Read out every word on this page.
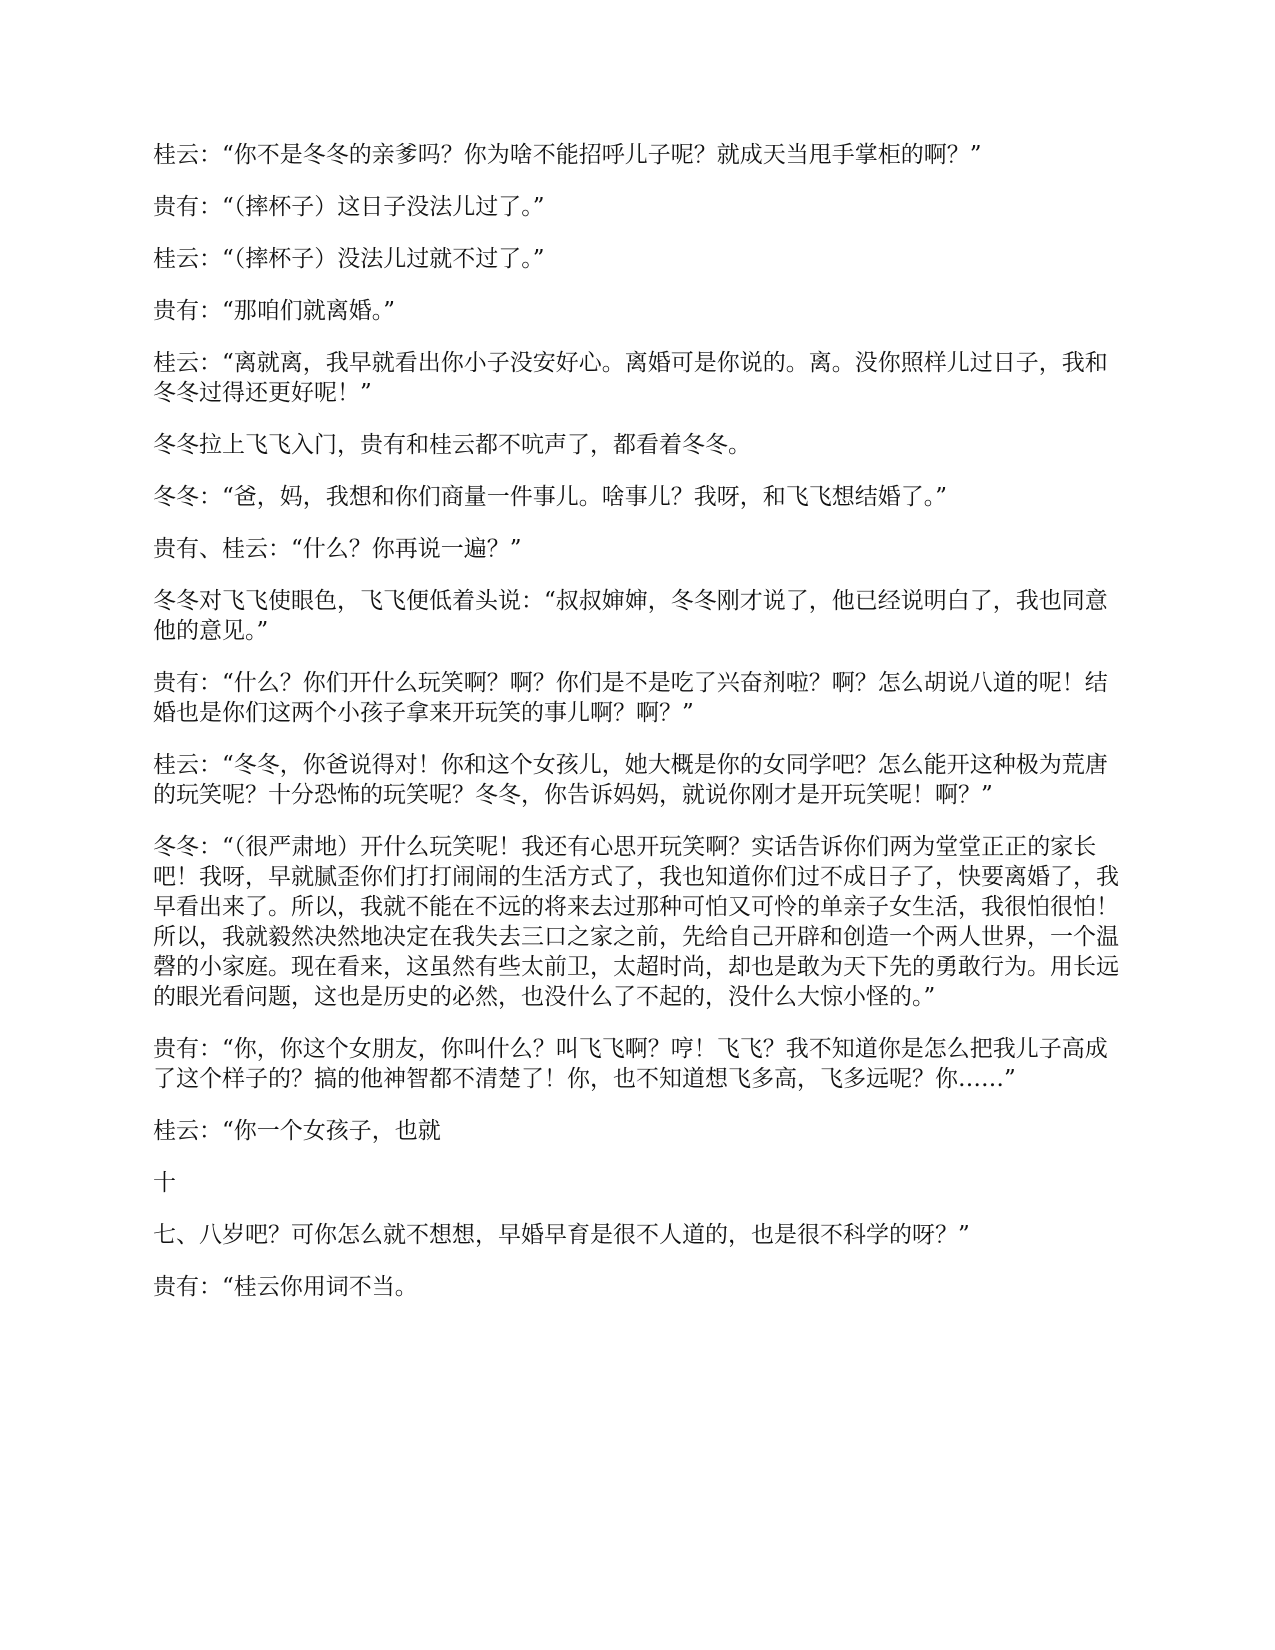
桂云：“你不是冬冬的亲爹吗？你为啥不能招呼儿子呢？就成天当甩手掌柜的啊？”

贵有：“（摔杯子）这日子没法儿过了。”

桂云：“（摔杯子）没法儿过就不过了。”

贵有：“那咱们就离婚。”

桂云：“离就离，我早就看出你小子没安好心。离婚可是你说的。离。没你照样儿过日子，我和冬冬过得还更好呢！”

冬冬拉上飞飞入门，贵有和桂云都不吭声了，都看着冬冬。

冬冬：“爸，妈，我想和你们商量一件事儿。啥事儿？我呀，和飞飞想结婚了。”

贵有、桂云：“什么？你再说一遍？”

冬冬对飞飞使眼色，飞飞便低着头说：“叔叔婶婶，冬冬刚才说了，他已经说明白了，我也同意他的意见。”

贵有：“什么？你们开什么玩笑啊？啊？你们是不是吃了兴奋剂啦？啊？怎么胡说八道的呢！结婚也是你们这两个小孩子拿来开玩笑的事儿啊？啊？”

桂云：“冬冬，你爸说得对！你和这个女孩儿，她大概是你的女同学吧？怎么能开这种极为荒唐的玩笑呢？十分恐怖的玩笑呢？冬冬，你告诉妈妈，就说你刚才是开玩笑呢！啊？”

冬冬：“（很严肃地）开什么玩笑呢！我还有心思开玩笑啊？实话告诉你们两为堂堂正正的家长吧！我呀，早就腻歪你们打打闹闹的生活方式了，我也知道你们过不成日子了，快要离婚了，我早看出来了。所以，我就不能在不远的将来去过那种可怕又可怜的单亲子女生活，我很怕很怕！所以，我就毅然决然地决定在我失去三口之家之前，先给自己开辟和创造一个两人世界，一个温磬的小家庭。现在看来，这虽然有些太前卫，太超时尚，却也是敢为天下先的勇敢行为。用长远的眼光看问题，这也是历史的必然，也没什么了不起的，没什么大惊小怪的。”

贵有：“你，你这个女朋友，你叫什么？叫飞飞啊？哼！飞飞？我不知道你是怎么把我儿子高成了这个样子的？搞的他神智都不清楚了！你，也不知道想飞多高，飞多远呢？你……”

桂云：“你一个女孩子，也就

十

七、八岁吧？可你怎么就不想想，早婚早育是很不人道的，也是很不科学的呀？”

贵有：“桂云你用词不当。
